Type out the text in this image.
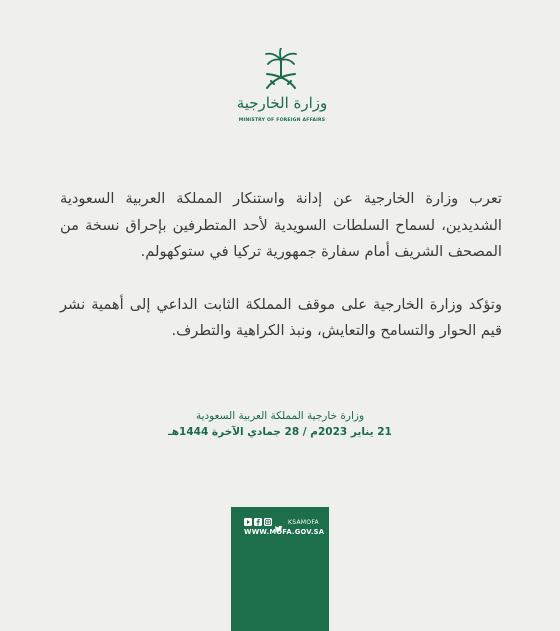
وزارة الخارجية
MINISTRY OF FOREIGN AFFAIRS

تعرب وزارة الخارجية عن إدانة واستنكار المملكة العربية السعودية الشديدين، لسماح السلطات السويدية لأحد المتطرفين بإحراق نسخة من المصحف الشريف أمام سفارة جمهورية تركيا في ستوكهولم.

وتؤكد وزارة الخارجية على موقف المملكة الثابت الداعي إلى أهمية نشر قيم الحوار والتسامح والتعايش، ونبذ الكراهية والتطرف.

وزارة خارجية المملكة العربية السعودية
21 يناير 2023م / 28 جمادي الآخرة 1444هـ
KSAMOFA
WWW.MOFA.GOV.SA
